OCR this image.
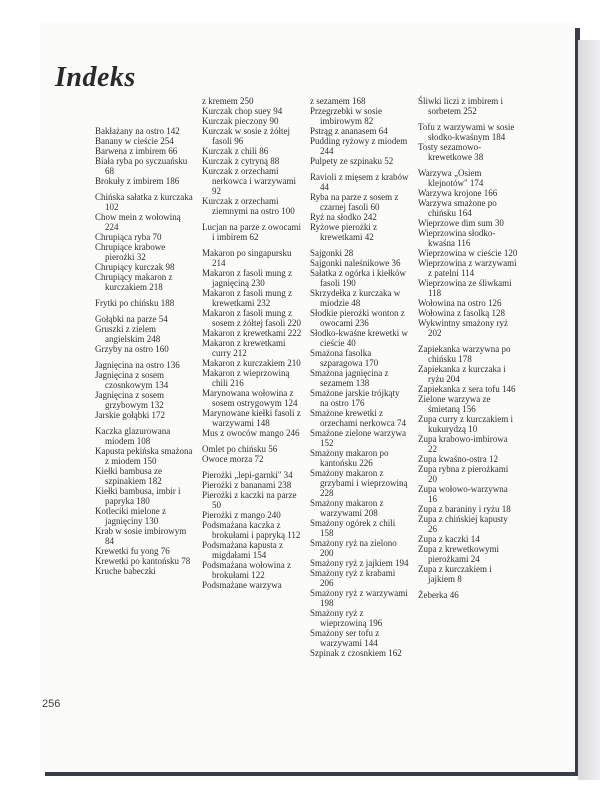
Indeks

Bakłażany na ostro 142

Banany w cieście 254

Barwena z imbirem 66

Biała ryba po syczuańsku 68

Brokuły z imbirem 186

Chińska sałatka z kurczaka 102

Chow mein z wołowiną 224

Chrupiąca ryba 70

Chrupiące krabowe pierożki 32

Chrupiący kurczak 98

Chrupiący makaron z kurczakiem 218

Frytki po chińsku 188

Gołąbki na parze 54

Gruszki z zielem angielskim 248

Grzyby na ostro 160

Jagnięcina na ostro 136

Jagnięcina z sosem czosnkowym 134

Jagnięcina z sosem grzybowym 132

Jarskie gołąbki 172

Kaczka glazurowana miodem 108

Kapusta pekińska smażona z miodem 150

Kiełki bambusa ze szpinakiem 182

Kiełki bambusa, imbir i papryka 180

Kotleciki mielone z jagnięciny 130

Krab w sosie imbirowym 84

Krewetki fu yong 76

Krewetki po kantońsku 78

Kruche babeczki

z kremem 250

Kurczak chop suey 94

Kurczak pieczony 90

Kurczak w sosie z żółtej fasoli 96

Kurczak z chili 86

Kurczak z cytryną 88

Kurczak z orzechami nerkowca i warzywami 92

Kurczak z orzechami ziemnymi na ostro 100

Lucjan na parze z owocami i imbirem 62

Makaron po singapursku 214

Makaron z fasoli mung z jagnięciną 230

Makaron z fasoli mung z krewetkami 232

Makaron z fasoli mung z sosem z żółtej fasoli 220

Makaron z krewetkami 222

Makaron z krewetkami curry 212

Makaron z kurczakiem 210

Makaron z wieprzowiną chili 216

Marynowana wołowina z sosem ostrygowym 124

Marynowane kiełki fasoli z warzywami 148

Mus z owoców mango 246

Omlet po chińsku 56

Owoce morza 72

Pierożki „lepi-garnki" 34

Pierożki z bananami 238

Pierożki z kaczki na parze 50

Pierożki z mango 240

Podsmażana kaczka z brokułami i papryką 112

Podsmażana kapusta z migdałami 154

Podsmażana wołowina z brokułami 122

Podsmażane warzywa

z sezamem 168

Przegrzebki w sosie imbirowym 82

Pstrąg z ananasem 64

Pudding ryżowy z miodem 244

Pulpety ze szpinaku 52

Ravioli z mięsem z krabów 44

Ryba na parze z sosem z czarnej fasoli 60

Ryż na słodko 242

Ryżowe pierożki z krewetkami 42

Sajgonki 28

Sajgonki naleśnikowe 36

Sałatka z ogórka i kiełków fasoli 190

Skrzydełka z kurczaka w miodzie 48

Słodkie pierożki wonton z owocami 236

Słodko-kwaśne krewetki w cieście 40

Smażona fasolka szparagowa 170

Smażona jagnięcina z sezamem 138

Smażone jarskie trójkąty na ostro 176

Smażone krewetki z orzechami nerkowca 74

Smażone zielone warzywa 152

Smażony makaron po kantońsku 226

Smażony makaron z grzybami i wieprzowiną 228

Smażony makaron z warzywami 208

Smażony ogórek z chili 158

Smażony ryż na zielono 200

Smażony ryż z jajkiem 194

Smażony ryż z krabami 206

Smażony ryż z warzywami 198

Smażony ryż z wieprzowiną 196

Smażony ser tofu z warzywami 144

Szpinak z czosnkiem 162

Śliwki liczi z imbirem i sorbetem 252

Tofu z warzywami w sosie słodko-kwaśnym 184

Tosty sezamowo-krewetkowe 38

Warzywa „Osiem klejnotów" 174

Warzywa krojone 166

Warzywa smażone po chińsku 164

Wieprzowe dim sum 30

Wieprzowina słodko-kwaśna 116

Wieprzowina w cieście 120

Wieprzowina z warzywami z patelni 114

Wieprzowina ze śliwkami 118

Wołowina na ostro 126

Wołowina z fasolką 128

Wykwintny smażony ryż 202

Zapiekanka warzywna po chińsku 178

Zapiekanka z kurczaka i ryżu 204

Zapiekanka z sera tofu 146

Zielone warzywa ze śmietaną 156

Zupa curry z kurczakiem i kukurydzą 10

Zupa krabowo-imbirowa 22

Zupa kwaśno-ostra 12

Zupa rybna z pierożkami 20

Zupa wołowo-warzywna 16

Zupa z baraniny i ryżu 18

Zupa z chińskiej kapusty 26

Zupa z kaczki 14

Zupa z krewetkowymi pierożkami 24

Zupa z kurczakiem i jajkiem 8

Żeberka 46

256
